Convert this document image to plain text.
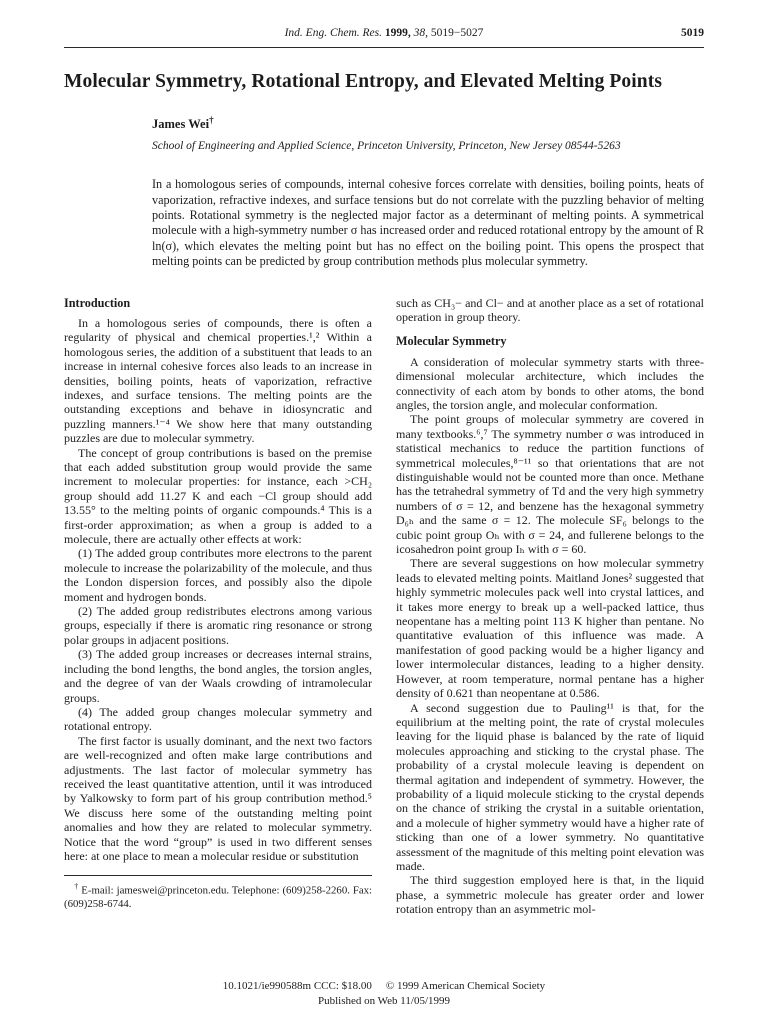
Ind. Eng. Chem. Res. 1999, 38, 5019−5027	5019
Molecular Symmetry, Rotational Entropy, and Elevated Melting Points
James Wei†
School of Engineering and Applied Science, Princeton University, Princeton, New Jersey 08544-5263
In a homologous series of compounds, internal cohesive forces correlate with densities, boiling points, heats of vaporization, refractive indexes, and surface tensions but do not correlate with the puzzling behavior of melting points. Rotational symmetry is the neglected major factor as a determinant of melting points. A symmetrical molecule with a high-symmetry number σ has increased order and reduced rotational entropy by the amount of R ln(σ), which elevates the melting point but has no effect on the boiling point. This opens the prospect that melting points can be predicted by group contribution methods plus molecular symmetry.
Introduction

In a homologous series of compounds, there is often a regularity of physical and chemical properties.¹,² Within a homologous series, the addition of a substituent that leads to an increase in internal cohesive forces also leads to an increase in densities, boiling points, heats of vaporization, refractive indexes, and surface tensions. The melting points are the outstanding exceptions and behave in idiosyncratic and puzzling manners.¹⁻⁴ We show here that many outstanding puzzles are due to molecular symmetry.

The concept of group contributions is based on the premise that each added substitution group would provide the same increment to molecular properties: for instance, each >CH₂ group should add 11.27 K and each −Cl group should add 13.55° to the melting points of organic compounds.⁴ This is a first-order approximation; as when a group is added to a molecule, there are actually other effects at work:

(1) The added group contributes more electrons to the parent molecule to increase the polarizability of the molecule, and thus the London dispersion forces, and possibly also the dipole moment and hydrogen bonds.

(2) The added group redistributes electrons among various groups, especially if there is aromatic ring resonance or strong polar groups in adjacent positions.

(3) The added group increases or decreases internal strains, including the bond lengths, the bond angles, the torsion angles, and the degree of van der Waals crowding of intramolecular groups.

(4) The added group changes molecular symmetry and rotational entropy.

The first factor is usually dominant, and the next two factors are well-recognized and often make large contributions and adjustments. The last factor of molecular symmetry has received the least quantitative attention, until it was introduced by Yalkowsky to form part of his group contribution method.⁵ We discuss here some of the outstanding melting point anomalies and how they are related to molecular symmetry. Notice that the word “group” is used in two different senses here: at one place to mean a molecular residue or substitution

† E-mail: jameswei@princeton.edu. Telephone: (609)258-2260. Fax: (609)258-6744.

such as CH₃− and Cl− and at another place as a set of rotational operation in group theory.

Molecular Symmetry

A consideration of molecular symmetry starts with three-dimensional molecular architecture, which includes the connectivity of each atom by bonds to other atoms, the bond angles, the torsion angle, and molecular conformation.

The point groups of molecular symmetry are covered in many textbooks.⁶,⁷ The symmetry number σ was introduced in statistical mechanics to reduce the partition functions of symmetrical molecules,⁸⁻¹¹ so that orientations that are not distinguishable would not be counted more than once. Methane has the tetrahedral symmetry of Td and the very high symmetry numbers of σ = 12, and benzene has the hexagonal symmetry D₆ₕ and the same σ = 12. The molecule SF₆ belongs to the cubic point group Oₕ with σ = 24, and fullerene belongs to the icosahedron point group Iₕ with σ = 60.

There are several suggestions on how molecular symmetry leads to elevated melting points. Maitland Jones² suggested that highly symmetric molecules pack well into crystal lattices, and it takes more energy to break up a well-packed lattice, thus neopentane has a melting point 113 K higher than pentane. No quantitative evaluation of this influence was made. A manifestation of good packing would be a higher ligancy and lower intermolecular distances, leading to a higher density. However, at room temperature, normal pentane has a higher density of 0.621 than neopentane at 0.586.

A second suggestion due to Pauling¹¹ is that, for the equilibrium at the melting point, the rate of crystal molecules leaving for the liquid phase is balanced by the rate of liquid molecules approaching and sticking to the crystal phase. The probability of a crystal molecule leaving is dependent on thermal agitation and independent of symmetry. However, the probability of a liquid molecule sticking to the crystal depends on the chance of striking the crystal in a suitable orientation, and a molecule of higher symmetry would have a higher rate of sticking than one of a lower symmetry. No quantitative assessment of the magnitude of this melting point elevation was made.

The third suggestion employed here is that, in the liquid phase, a symmetric molecule has greater order and lower rotation entropy than an asymmetric mol-

10.1021/ie990588m CCC: $18.00 © 1999 American Chemical Society
Published on Web 11/05/1999
